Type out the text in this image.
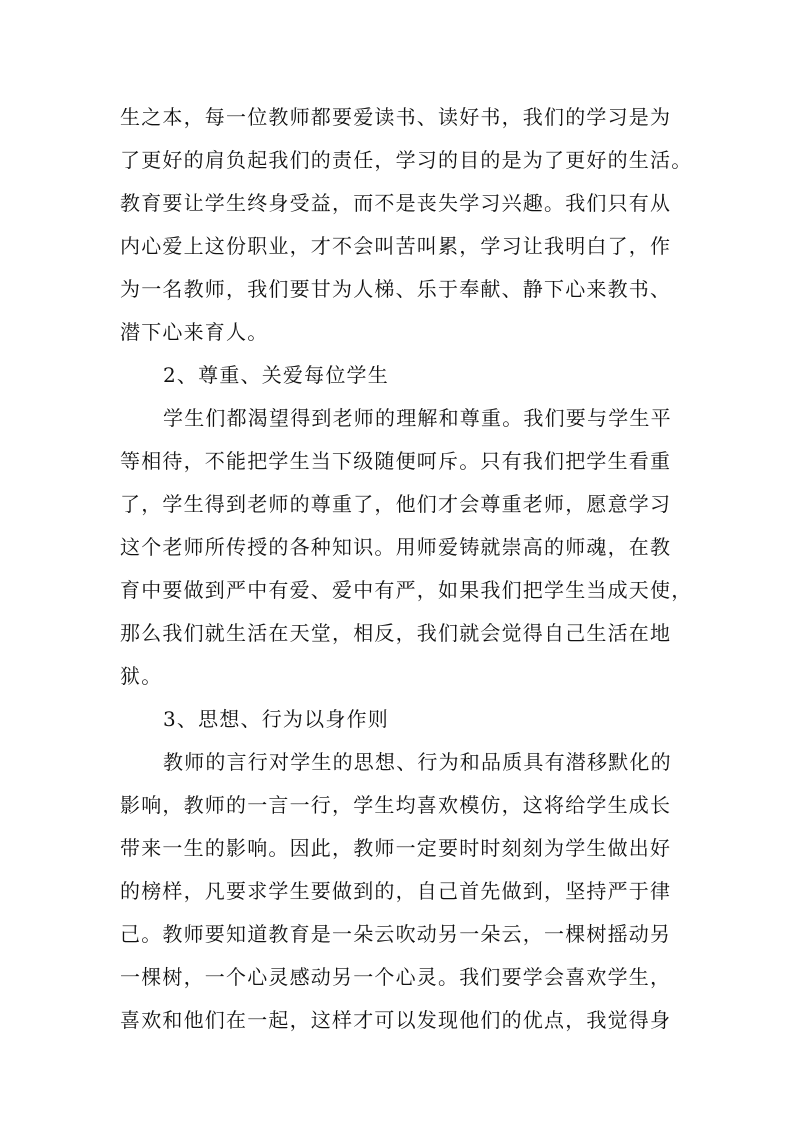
生之本，每一位教师都要爱读书、读好书，我们的学习是为
了更好的肩负起我们的责任，学习的目的是为了更好的生活。
教育要让学生终身受益，而不是丧失学习兴趣。我们只有从
内心爱上这份职业，才不会叫苦叫累，学习让我明白了，作
为一名教师，我们要甘为人梯、乐于奉献、静下心来教书、
潜下心来育人。
2、尊重、关爱每位学生
学生们都渴望得到老师的理解和尊重。我们要与学生平
等相待，不能把学生当下级随便呵斥。只有我们把学生看重
了，学生得到老师的尊重了，他们才会尊重老师，愿意学习
这个老师所传授的各种知识。用师爱铸就崇高的师魂，在教
育中要做到严中有爱、爱中有严，如果我们把学生当成天使，
那么我们就生活在天堂，相反，我们就会觉得自己生活在地
狱。
3、思想、行为以身作则
教师的言行对学生的思想、行为和品质具有潜移默化的
影响，教师的一言一行，学生均喜欢模仿，这将给学生成长
带来一生的影响。因此，教师一定要时时刻刻为学生做出好
的榜样，凡要求学生要做到的，自己首先做到，坚持严于律
己。教师要知道教育是一朵云吹动另一朵云，一棵树摇动另
一棵树，一个心灵感动另一个心灵。我们要学会喜欢学生，
喜欢和他们在一起，这样才可以发现他们的优点，我觉得身
